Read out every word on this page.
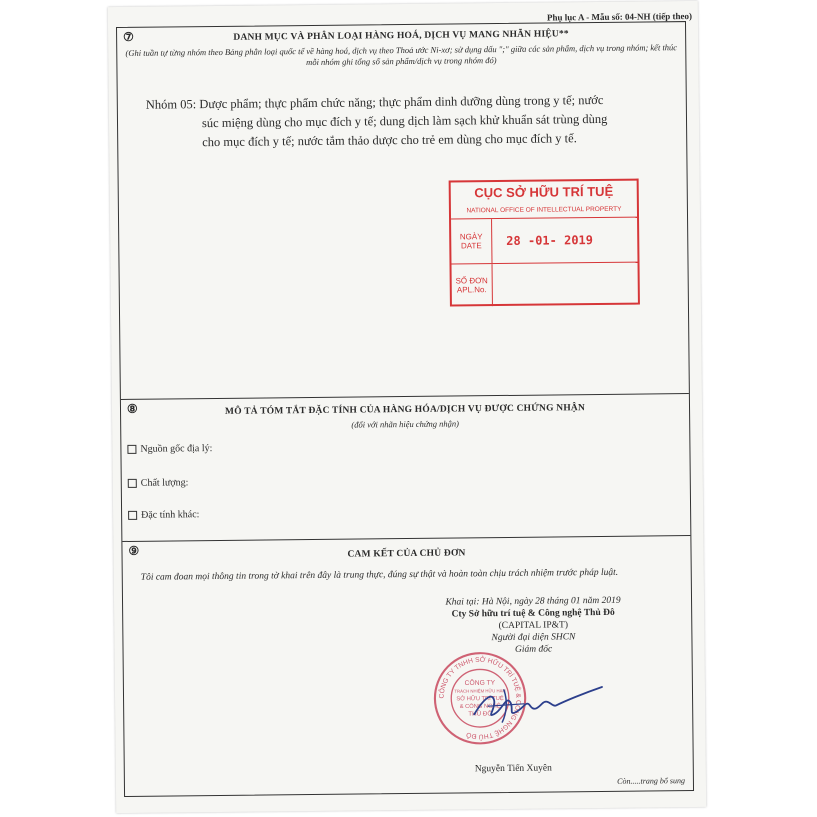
Phụ lục A - Mẫu số: 04-NH (tiếp theo)
⑦	DANH MỤC VÀ PHÂN LOẠI HÀNG HOÁ, DỊCH VỤ MANG NHÃN HIỆU**
(Ghi tuần tự từng nhóm theo Bảng phân loại quốc tế về hàng hoá, dịch vụ theo Thoả ước Ni-xơ; sử dụng dấu ";" giữa các sản phẩm, dịch vụ trong nhóm; kết thúc mỗi nhóm ghi tổng số sản phẩm/dịch vụ trong nhóm đó)
Nhóm 05: Dược phẩm; thực phẩm chức năng; thực phẩm dinh dưỡng dùng trong y tế; nước
súc miệng dùng cho mục đích y tế; dung dịch làm sạch khử khuẩn sát trùng dùng
cho mục đích y tế; nước tắm thảo dược cho trẻ em dùng cho mục đích y tế.
CỤC SỞ HỮU TRÍ TUỆ
NATIONAL OFFICE OF INTELLECTUAL PROPERTY
NGÀY
DATE	28 -01- 2019
SỐ ĐƠN
APL.No.
⑧	MÔ TẢ TÓM TẮT ĐẶC TÍNH CỦA HÀNG HÓA/DỊCH VỤ ĐƯỢC CHỨNG NHẬN
(đối với nhãn hiệu chứng nhận)
Nguồn gốc địa lý:
Chất lượng:
Đặc tính khác:
⑨	CAM KẾT CỦA CHỦ ĐƠN
Tôi cam đoan mọi thông tin trong tờ khai trên đây là trung thực, đúng sự thật và hoàn toàn chịu trách nhiệm trước pháp luật.
Khai tại: Hà Nội, ngày 28 tháng 01 năm 2019
Cty Sở hữu trí tuệ & Công nghệ Thủ Đô
(CAPITAL IP&T)
Người đại diện SHCN
Giám đốc
CÔNG TY TNHH SỞ HỮU TRÍ TUỆ & CÔNG NGHỆ THỦ ĐÔ
CÔNG TY
TRÁCH NHIỆM HỮU HẠN
SỞ HỮU TRÍ TUỆ
& CÔNG NGHỆ
THỦ ĐÔ
Nguyễn Tiến Xuyên
Còn.....trang bổ sung
